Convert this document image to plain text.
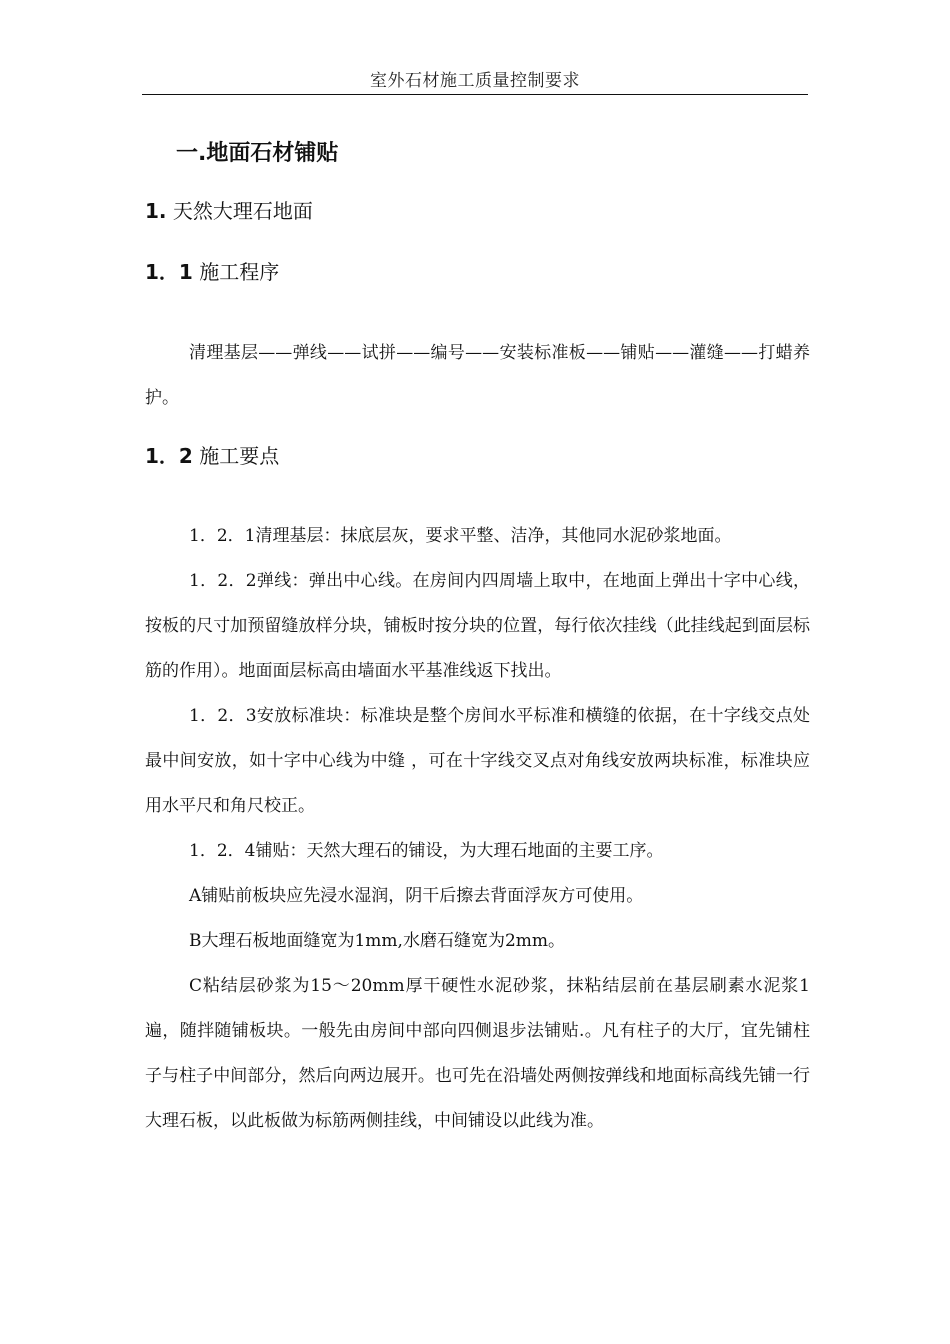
室外石材施工质量控制要求
一.地面石材铺贴
1. 天然大理石地面
1．1 施工程序

清理基层——弹线——试拼——编号——安装标准板——铺贴——灌缝——打蜡养护。

1．2 施工要点

1．2．1清理基层：抹底层灰，要求平整、洁净，其他同水泥砂浆地面。

1．2．2弹线：弹出中心线。在房间内四周墙上取中，在地面上弹出十字中心线，按板的尺寸加预留缝放样分块，铺板时按分块的位置，每行依次挂线（此挂线起到面层标筋的作用）。地面面层标高由墙面水平基准线返下找出。

1．2．3安放标准块：标准块是整个房间水平标准和横缝的依据，在十字线交点处最中间安放，如十字中心线为中缝 ，可在十字线交叉点对角线安放两块标准，标准块应用水平尺和角尺校正。

1．2．4铺贴：天然大理石的铺设，为大理石地面的主要工序。

A铺贴前板块应先浸水湿润，阴干后擦去背面浮灰方可使用。

B大理石板地面缝宽为1mm,水磨石缝宽为2mm。

C粘结层砂浆为15～20mm厚干硬性水泥砂浆，抹粘结层前在基层刷素水泥浆1遍，随拌随铺板块。一般先由房间中部向四侧退步法铺贴.。凡有柱子的大厅，宜先铺柱子与柱子中间部分，然后向两边展开。也可先在沿墙处两侧按弹线和地面标高线先铺一行大理石板，以此板做为标筋两侧挂线，中间铺设以此线为准。
